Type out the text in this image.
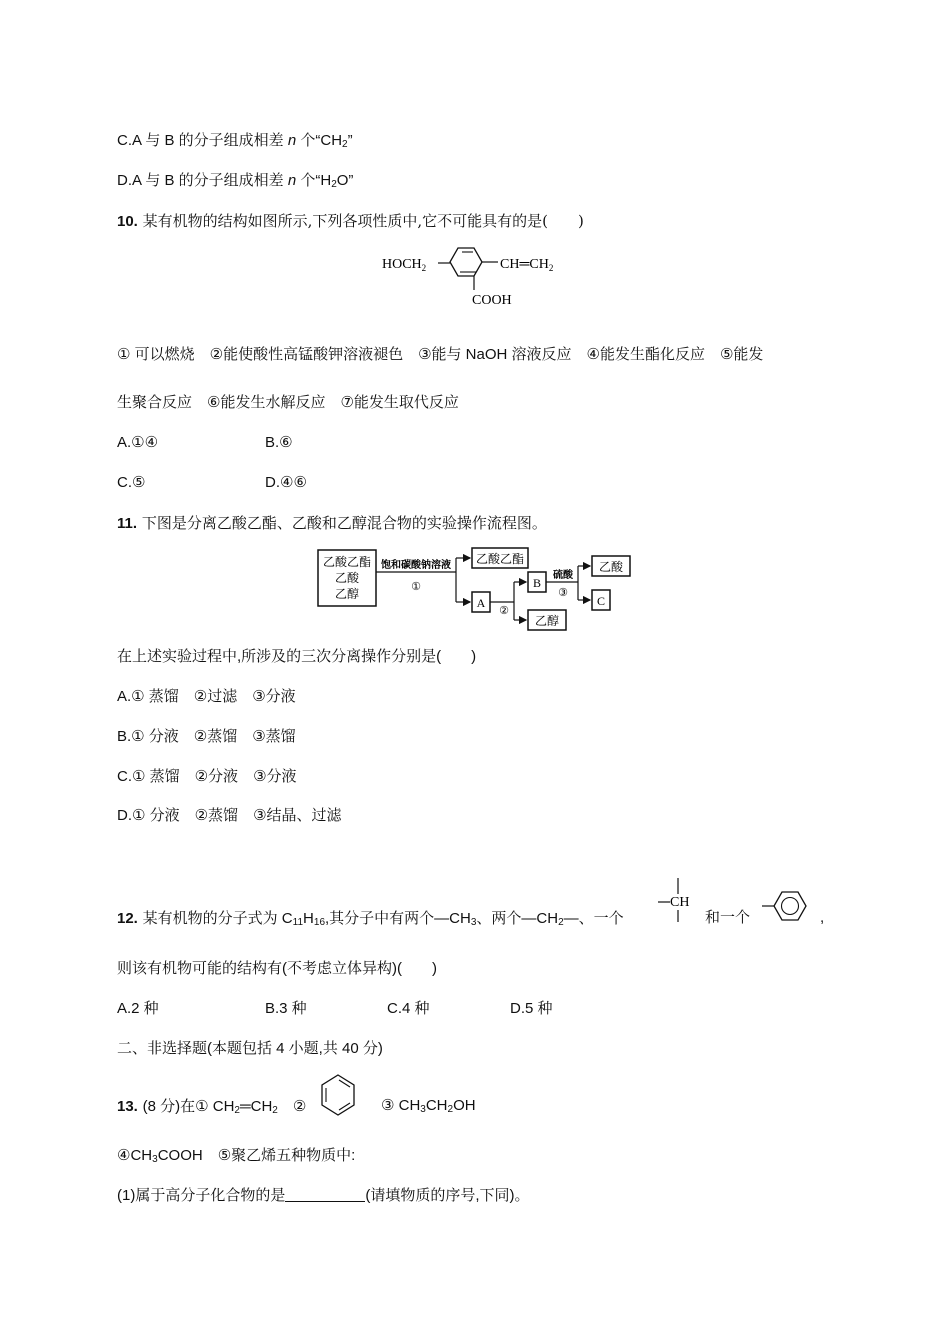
C.A 与 B 的分子组成相差 n 个“$CH_2$”
D.A 与 B 的分子组成相差 n 个“$H_2O$”
10. 某有机物的结构如图所示,下列各项性质中,它不可能具有的是(　　)
$HOCH_2$	$CH═CH_2$
COOH
① 可以燃烧　②能使酸性高锰酸钾溶液褪色　③能与 NaOH 溶液反应　④能发生酯化反应　⑤能发
生聚合反应　⑥能发生水解反应　⑦能发生取代反应
A.①④	B.⑥
C.⑤	D.④⑥
11. 下图是分离乙酸乙酯、乙酸和乙醇混合物的实验操作流程图。
乙酸乙酯
乙酸
乙醇
饱和碳酸钠溶液
①
乙酸乙酯
A
②
B
乙醇
硫酸
③
乙酸
C
在上述实验过程中,所涉及的三次分离操作分别是(　　)
A.① 蒸馏　②过滤　③分液
B.① 分液　②蒸馏　③蒸馏
C.① 蒸馏　②分液　③分液
D.① 分液　②蒸馏　③结晶、过滤
12. 某有机物的分子式为 $C_{11}H_{16}$,其分子中有两个$—CH_3$、两个$—CH_2—$、一个
CH
和一个	,
则该有机物可能的结构有(不考虑立体异构)(　　)
A.2 种	B.3 种	C.4 种	D.5 种
二、非选择题(本题包括 4 小题,共 40 分)
13. (8 分)在① $CH_2═CH_2$　 ②	③ $CH_3CH_2OH$
$④CH_3COOH$　⑤聚乙烯五种物质中:
(1)属于高分子化合物的是	(请填物质的序号,下同)。
